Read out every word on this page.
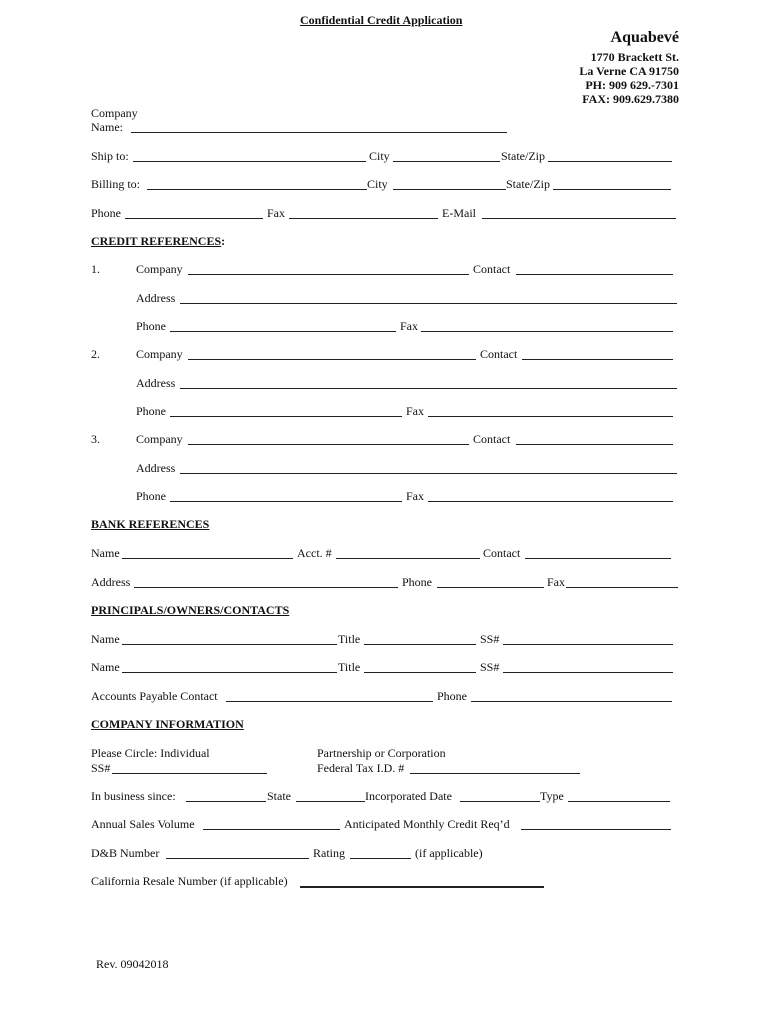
Confidential Credit Application
Aquabevé
1770 Brackett St.
La Verne CA 91750
PH: 909 629.-7301
FAX: 909.629.7380
Company
Name:
Ship to:	City	State/Zip
Billing to:	City	State/Zip
Phone	Fax	E-Mail
CREDIT REFERENCES:
1.	Company	Contact
Address
Phone	Fax
2.	Company	Contact
Address
Phone	Fax
3.	Company	Contact
Address
Phone	Fax
BANK REFERENCES
Name	Acct. #	Contact
Address	Phone	Fax
PRINCIPALS/OWNERS/CONTACTS
Name	Title	SS#
Name	Title	SS#
Accounts Payable Contact	Phone
COMPANY INFORMATION
Please Circle: Individual	Partnership or Corporation
SS#	Federal Tax I.D. #
In business since:	State	Incorporated Date	Type
Annual Sales Volume	Anticipated Monthly Credit Req’d
D&B Number	Rating	(if applicable)
California Resale Number (if applicable)
Rev. 09042018
